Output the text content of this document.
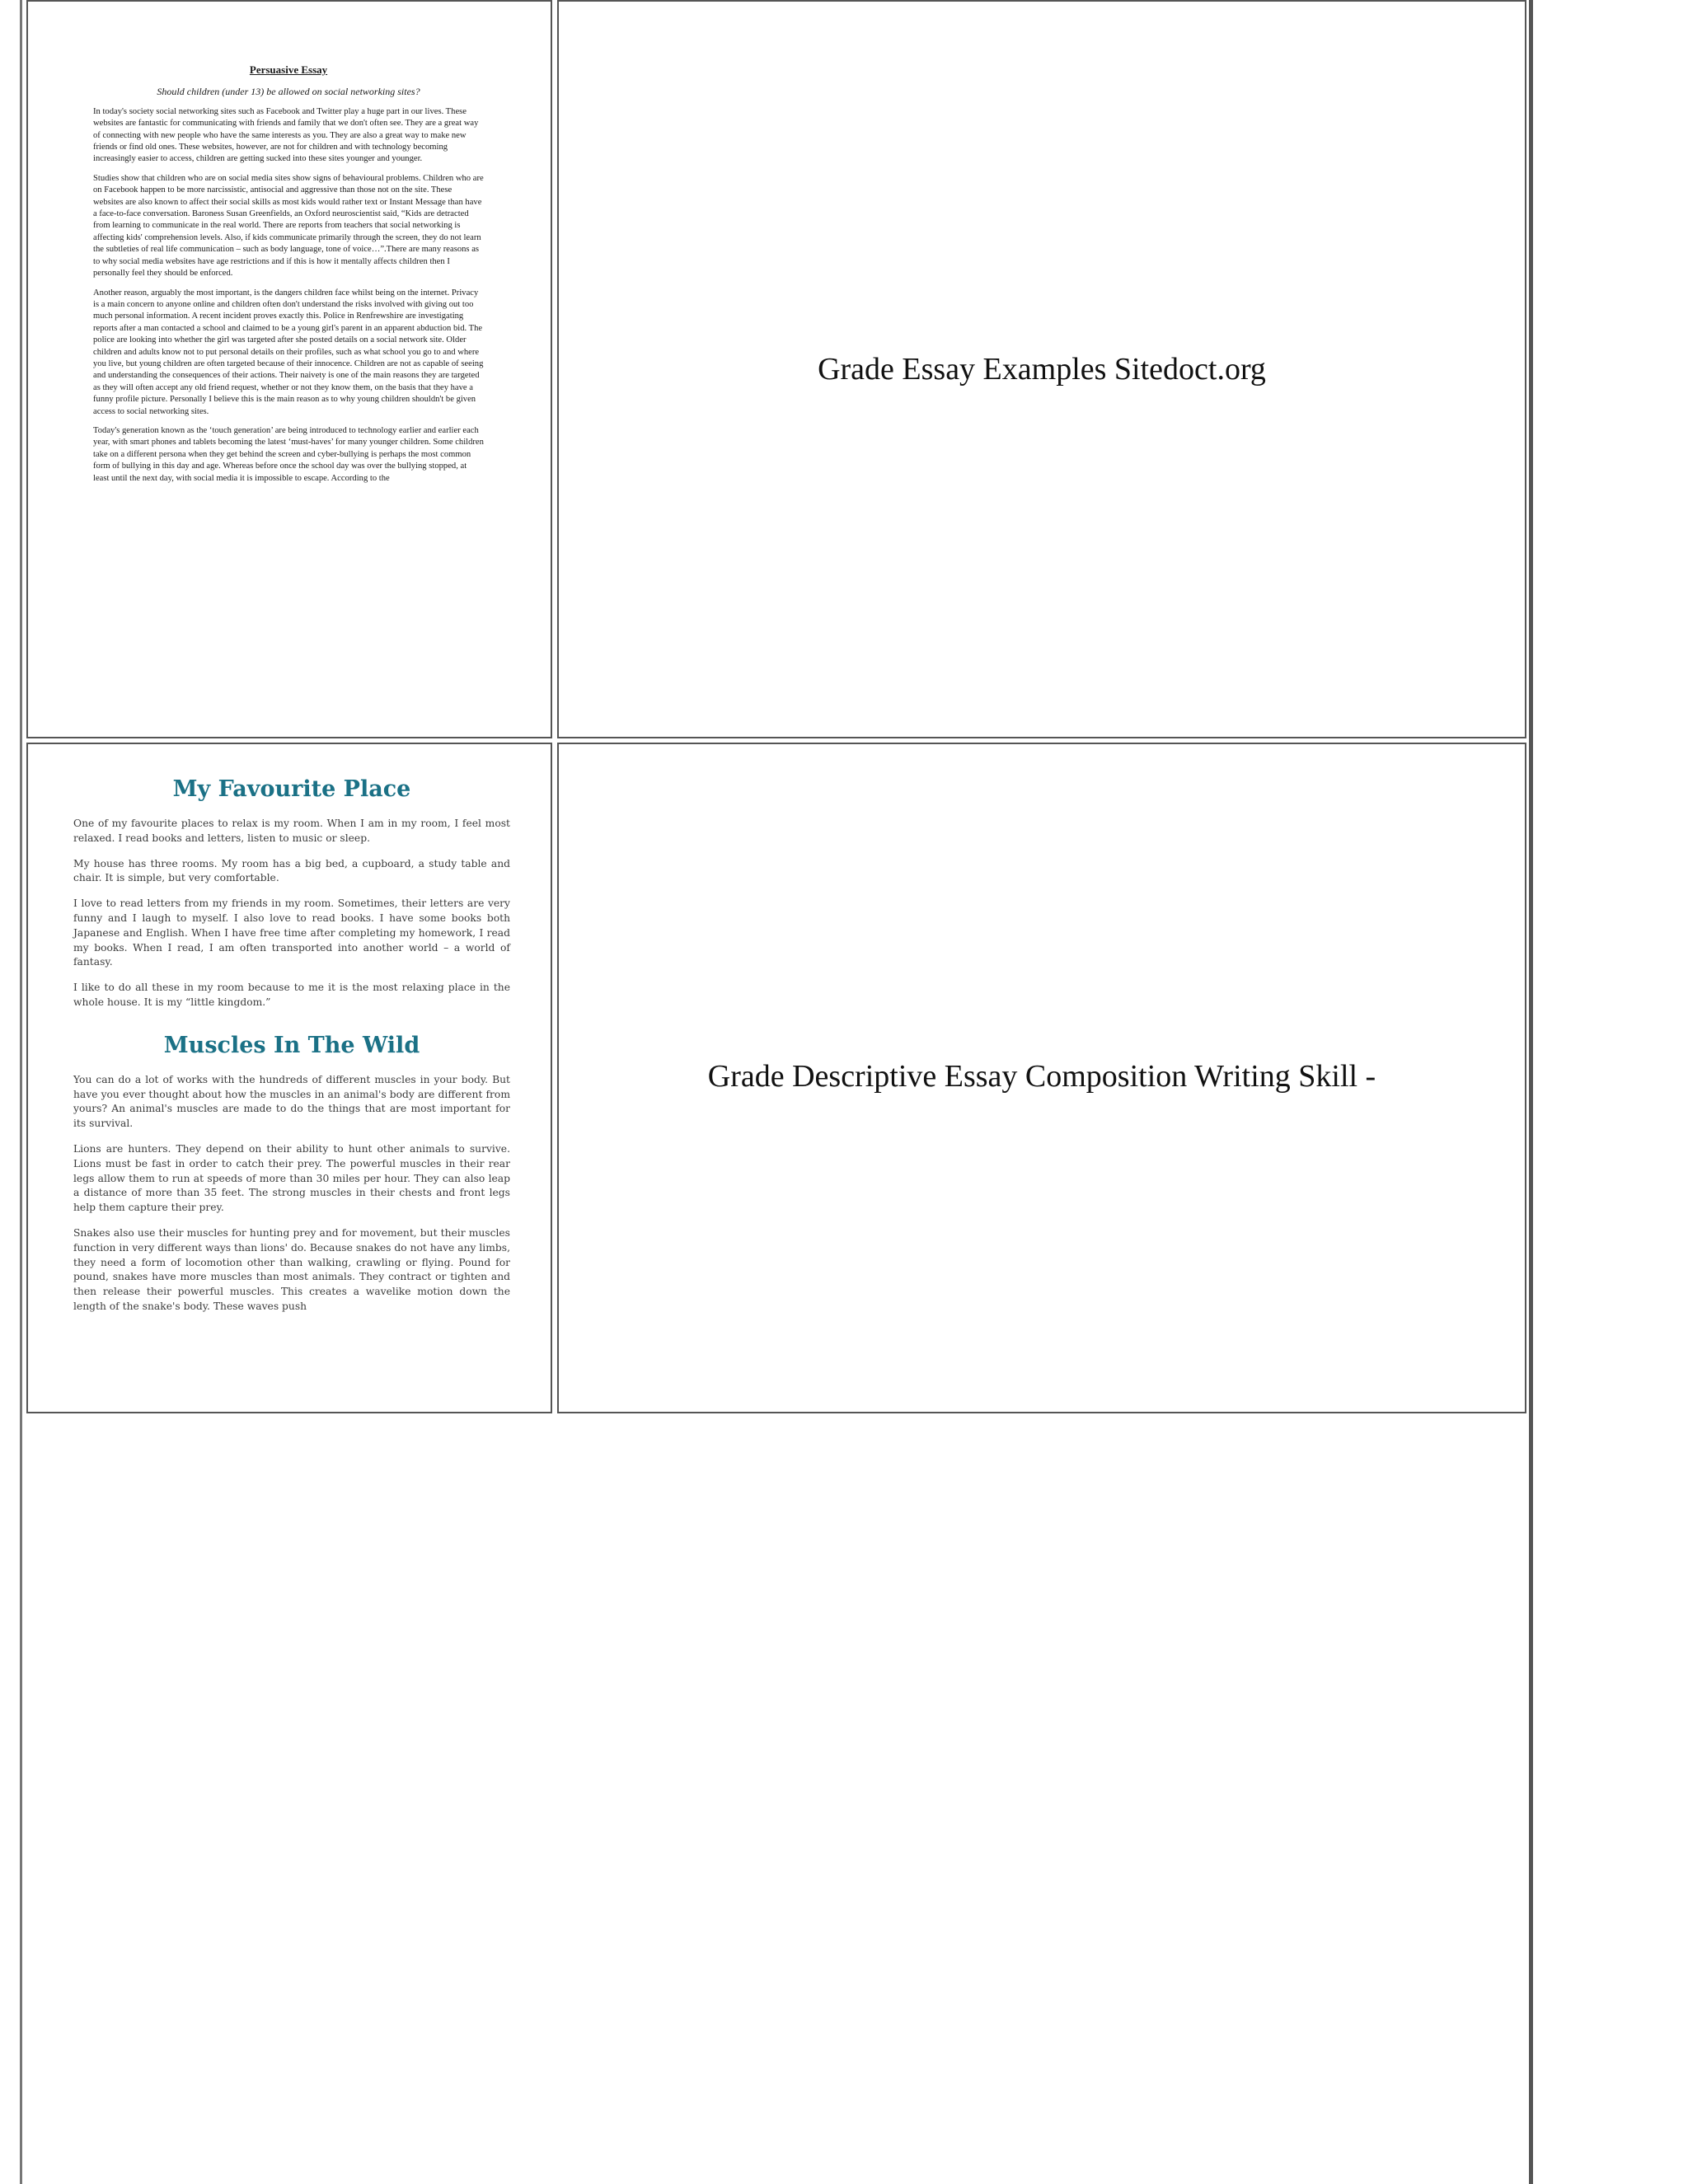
Persuasive Essay
Should children (under 13) be allowed on social networking sites?

In today's society social networking sites such as Facebook and Twitter play a huge part in our lives. These websites are fantastic for communicating with friends and family that we don't often see. They are a great way of connecting with new people who have the same interests as you. They are also a great way to make new friends or find old ones. These websites, however, are not for children and with technology becoming increasingly easier to access, children are getting sucked into these sites younger and younger.

Studies show that children who are on social media sites show signs of behavioural problems. Children who are on Facebook happen to be more narcissistic, antisocial and aggressive than those not on the site. These websites are also known to affect their social skills as most kids would rather text or Instant Message than have a face-to-face conversation. Baroness Susan Greenfields, an Oxford neuroscientist said, “Kids are detracted from learning to communicate in the real world. There are reports from teachers that social networking is affecting kids' comprehension levels. Also, if kids communicate primarily through the screen, they do not learn the subtleties of real life communication – such as body language, tone of voice…”.There are many reasons as to why social media websites have age restrictions and if this is how it mentally affects children then I personally feel they should be enforced.

Another reason, arguably the most important, is the dangers children face whilst being on the internet. Privacy is a main concern to anyone online and children often don't understand the risks involved with giving out too much personal information. A recent incident proves exactly this. Police in Renfrewshire are investigating reports after a man contacted a school and claimed to be a young girl's parent in an apparent abduction bid. The police are looking into whether the girl was targeted after she posted details on a social network site. Older children and adults know not to put personal details on their profiles, such as what school you go to and where you live, but young children are often targeted because of their innocence. Children are not as capable of seeing and understanding the consequences of their actions. Their naivety is one of the main reasons they are targeted as they will often accept any old friend request, whether or not they know them, on the basis that they have a funny profile picture. Personally I believe this is the main reason as to why young children shouldn't be given access to social networking sites.

Today's generation known as the ‘touch generation’ are being introduced to technology earlier and earlier each year, with smart phones and tablets becoming the latest ‘must-haves’ for many younger children. Some children take on a different persona when they get behind the screen and cyber-bullying is perhaps the most common form of bullying in this day and age. Whereas before once the school day was over the bullying stopped, at least until the next day, with social media it is impossible to escape. According to the

Grade Essay Examples Sitedoct.org
My Favourite Place

One of my favourite places to relax is my room. When I am in my room, I feel most relaxed. I read books and letters, listen to music or sleep.

My house has three rooms. My room has a big bed, a cupboard, a study table and chair. It is simple, but very comfortable.

I love to read letters from my friends in my room. Sometimes, their letters are very funny and I laugh to myself. I also love to read books. I have some books both Japanese and English. When I have free time after completing my homework, I read my books. When I read, I am often transported into another world – a world of fantasy.

I like to do all these in my room because to me it is the most relaxing place in the whole house. It is my “little kingdom.”

Muscles In The Wild

You can do a lot of works with the hundreds of different muscles in your body. But have you ever thought about how the muscles in an animal's body are different from yours? An animal's muscles are made to do the things that are most important for its survival.

Lions are hunters. They depend on their ability to hunt other animals to survive. Lions must be fast in order to catch their prey. The powerful muscles in their rear legs allow them to run at speeds of more than 30 miles per hour. They can also leap a distance of more than 35 feet. The strong muscles in their chests and front legs help them capture their prey.

Snakes also use their muscles for hunting prey and for movement, but their muscles function in very different ways than lions' do. Because snakes do not have any limbs, they need a form of locomotion other than walking, crawling or flying. Pound for pound, snakes have more muscles than most animals. They contract or tighten and then release their powerful muscles. This creates a wavelike motion down the length of the snake's body. These waves push

Grade Descriptive Essay Composition Writing Skill -
